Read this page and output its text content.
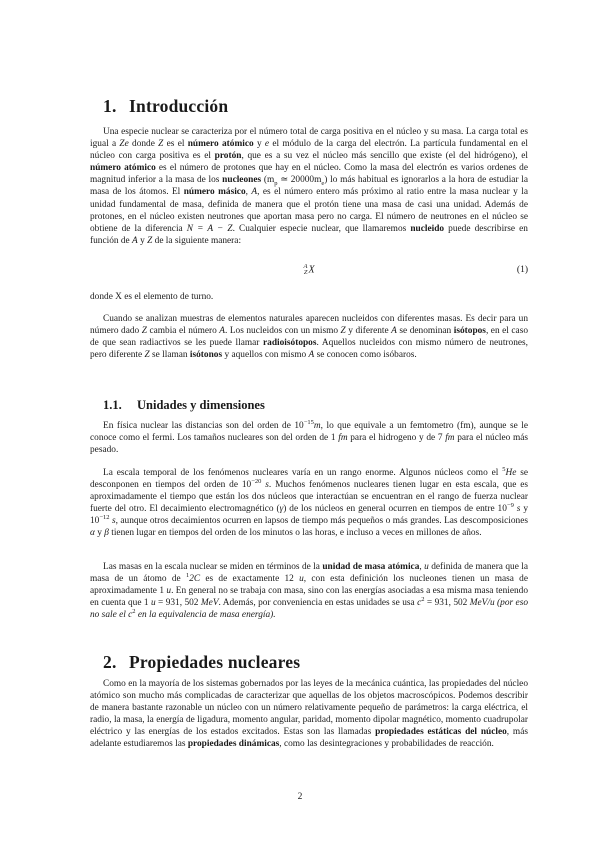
1. Introducción

Una especie nuclear se caracteriza por el número total de carga positiva en el núcleo y su masa. La carga total es igual a Ze donde Z es el número atómico y e el módulo de la carga del electrón. La partícula fundamental en el núcleo con carga positiva es el protón, que es a su vez el núcleo más sencillo que existe (el del hidrógeno), el número atómico es el número de protones que hay en el núcleo. Como la masa del electrón es varios ordenes de magnitud inferior a la masa de los nucleones ($m_p$ ≃ $20000m_e$) lo más habitual es ignorarlos a la hora de estudiar la masa de los átomos. El número másico, A, es el número entero más próximo al ratio entre la masa nuclear y la unidad fundamental de masa, definida de manera que el protón tiene una masa de casi una unidad. Además de protones, en el núcleo existen neutrones que aportan masa pero no carga. El número de neutrones en el núcleo se obtiene de la diferencia N = A − Z. Cualquier especie nuclear, que llamaremos nucleido puede describirse en función de A y Z de la siguiente manera:

A
ZX	(1)

donde X es el elemento de turno.

Cuando se analizan muestras de elementos naturales aparecen nucleidos con diferentes masas. Es decir para un número dado Z cambia el número A. Los nucleidos con un mismo Z y diferente A se denominan isótopos, en el caso de que sean radiactivos se les puede llamar radioisótopos. Aquellos nucleidos con mismo número de neutrones, pero diferente Z se llaman isótonos y aquellos con mismo A se conocen como isóbaros.

1.1. Unidades y dimensiones

En física nuclear las distancias son del orden de $10^{-15}m$, lo que equivale a un femtometro (fm), aunque se le conoce como el fermi. Los tamaños nucleares son del orden de 1 fm para el hidrogeno y de 7 fm para el núcleo más pesado.

La escala temporal de los fenómenos nucleares varía en un rango enorme. Algunos núcleos como el $^5$He se desconponen en tiempos del orden de $10^{-20}$ s. Muchos fenómenos nucleares tienen lugar en esta escala, que es aproximadamente el tiempo que están los dos núcleos que interactúan se encuentran en el rango de fuerza nuclear fuerte del otro. El decaimiento electromagnético (γ) de los núcleos en general ocurren en tiempos de entre $10^{-9}$ s y $10^{-12}$ s, aunque otros decaimientos ocurren en lapsos de tiempo más pequeños o más grandes. Las descomposiciones α y β tienen lugar en tiempos del orden de los minutos o las horas, e incluso a veces en millones de años.

Las masas en la escala nuclear se miden en términos de la unidad de masa atómica, u definida de manera que la masa de un átomo de $^1$2C es de exactamente 12 u, con esta definición los nucleones tienen un masa de aproximadamente 1 u. En general no se trabaja con masa, sino con las energías asociadas a esa misma masa teniendo en cuenta que 1 u = 931, 502 MeV. Además, por conveniencia en estas unidades se usa $c^2 = 931$, 502 MeV/u (por eso no sale el $c^2$ en la equivalencia de masa energía).

2. Propiedades nucleares

Como en la mayoría de los sistemas gobernados por las leyes de la mecánica cuántica, las propiedades del núcleo atómico son mucho más complicadas de caracterizar que aquellas de los objetos macroscópicos. Podemos describir de manera bastante razonable un núcleo con un número relativamente pequeño de parámetros: la carga eléctrica, el radio, la masa, la energía de ligadura, momento angular, paridad, momento dipolar magnético, momento cuadrupolar eléctrico y las energías de los estados excitados. Estas son las llamadas propiedades estáticas del núcleo, más adelante estudiaremos las propiedades dinámicas, como las desintegraciones y probabilidades de reacción.

2
